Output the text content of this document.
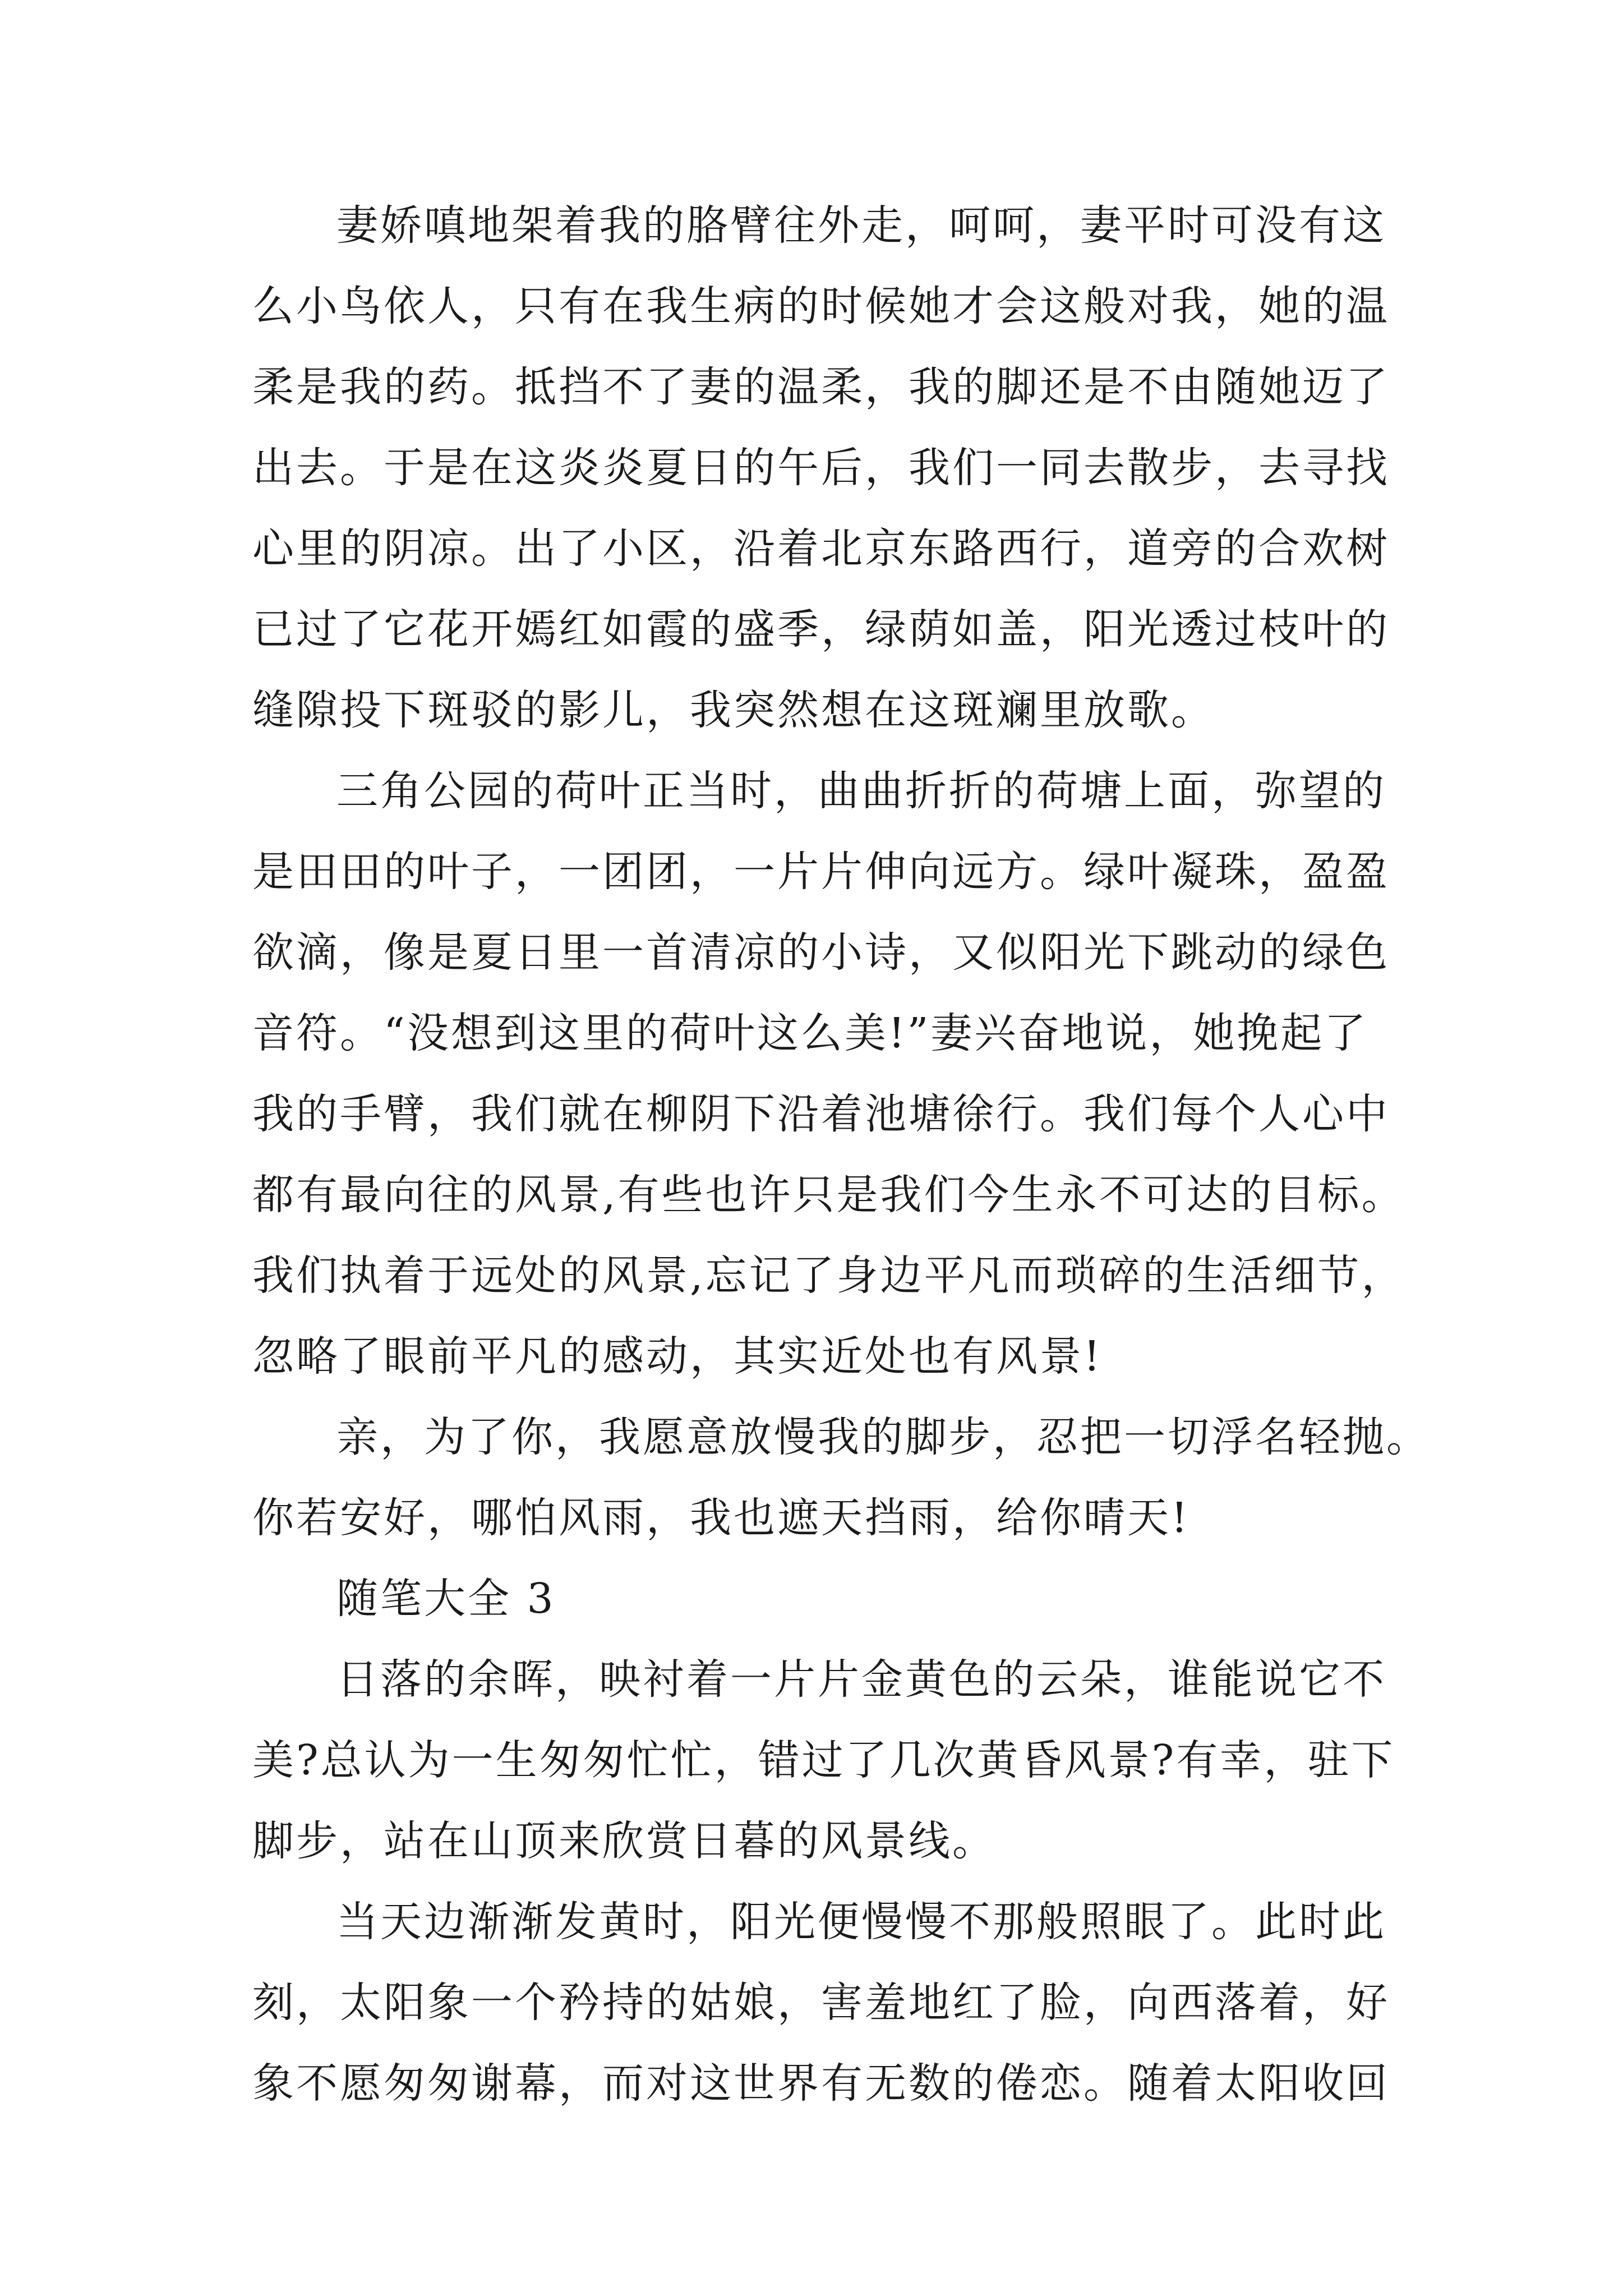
妻娇嗔地架着我的胳臂往外走，呵呵，妻平时可没有这
么小鸟依人，只有在我生病的时候她才会这般对我，她的温
柔是我的药。抵挡不了妻的温柔，我的脚还是不由随她迈了
出去。于是在这炎炎夏日的午后，我们一同去散步，去寻找
心里的阴凉。出了小区，沿着北京东路西行，道旁的合欢树
已过了它花开嫣红如霞的盛季，绿荫如盖，阳光透过枝叶的
缝隙投下斑驳的影儿，我突然想在这斑斓里放歌。
三角公园的荷叶正当时，曲曲折折的荷塘上面，弥望的
是田田的叶子，一团团，一片片伸向远方。绿叶凝珠，盈盈
欲滴，像是夏日里一首清凉的小诗，又似阳光下跳动的绿色
音符。“没想到这里的荷叶这么美!”妻兴奋地说，她挽起了
我的手臂，我们就在柳阴下沿着池塘徐行。我们每个人心中
都有最向往的风景,有些也许只是我们今生永不可达的目标。
我们执着于远处的风景,忘记了身边平凡而琐碎的生活细节，
忽略了眼前平凡的感动，其实近处也有风景!
亲，为了你，我愿意放慢我的脚步，忍把一切浮名轻抛。
你若安好，哪怕风雨，我也遮天挡雨，给你晴天!
随笔大全 3
日落的余晖，映衬着一片片金黄色的云朵，谁能说它不
美?总认为一生匆匆忙忙，错过了几次黄昏风景?有幸，驻下
脚步，站在山顶来欣赏日暮的风景线。
当天边渐渐发黄时，阳光便慢慢不那般照眼了。此时此
刻，太阳象一个矜持的姑娘，害羞地红了脸，向西落着，好
象不愿匆匆谢幕，而对这世界有无数的倦恋。随着太阳收回
